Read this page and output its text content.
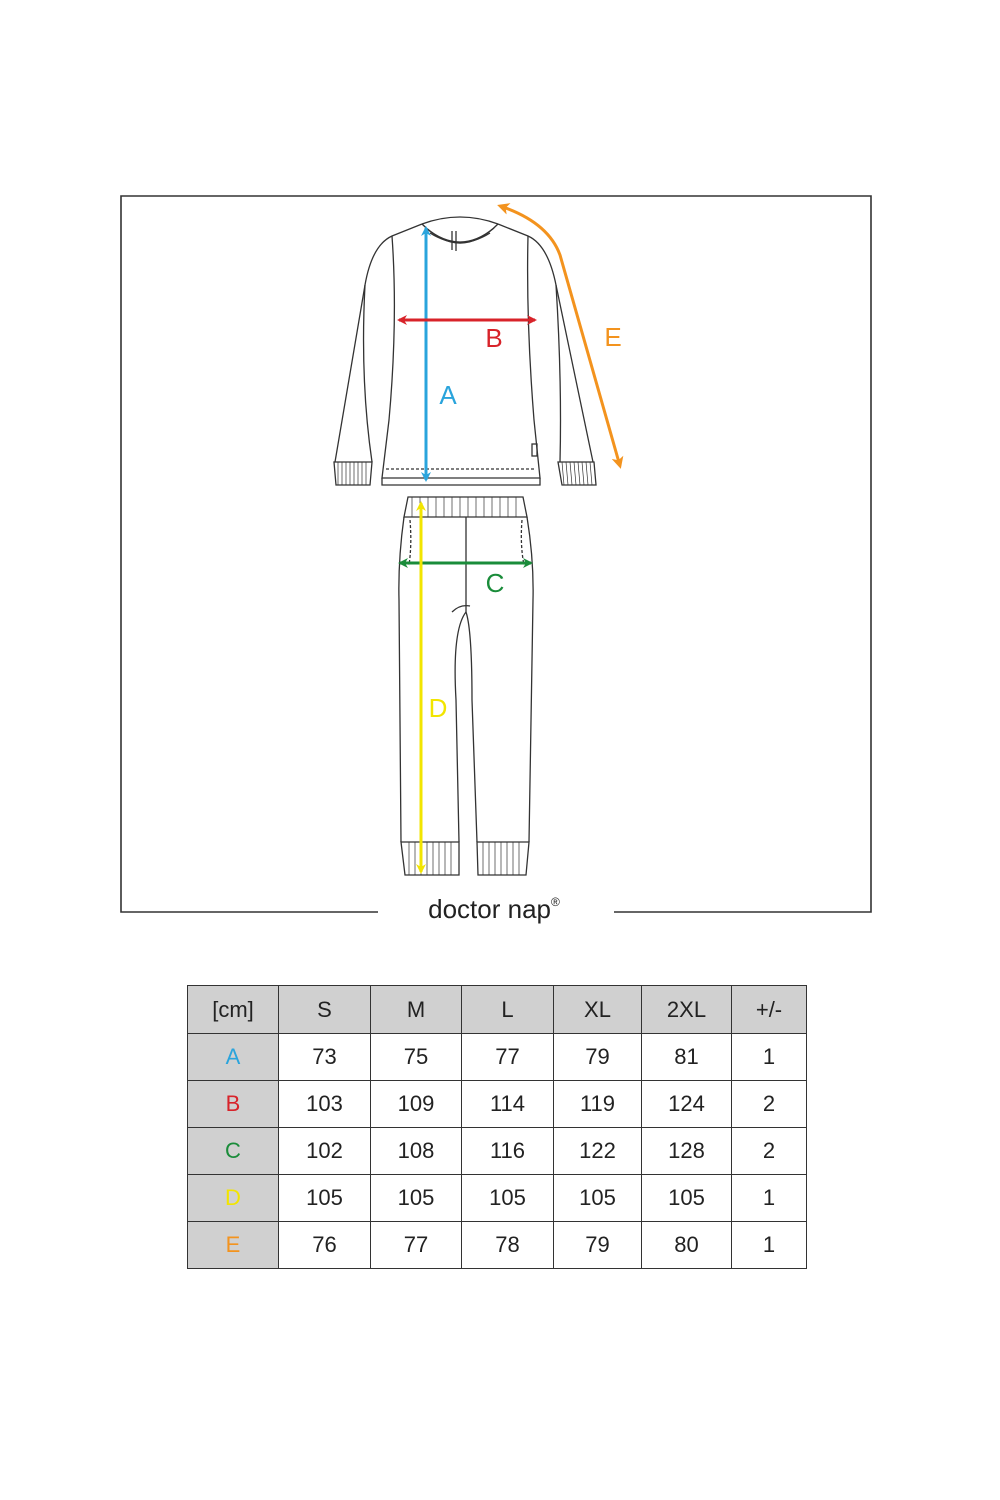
A
B
C
D
E
doctor nap®
[cm]	S	M	L	XL	2XL	+/-
A	73	75	77	79	81	1
B	103	109	114	119	124	2
C	102	108	116	122	128	2
D	105	105	105	105	105	1
E	76	77	78	79	80	1
